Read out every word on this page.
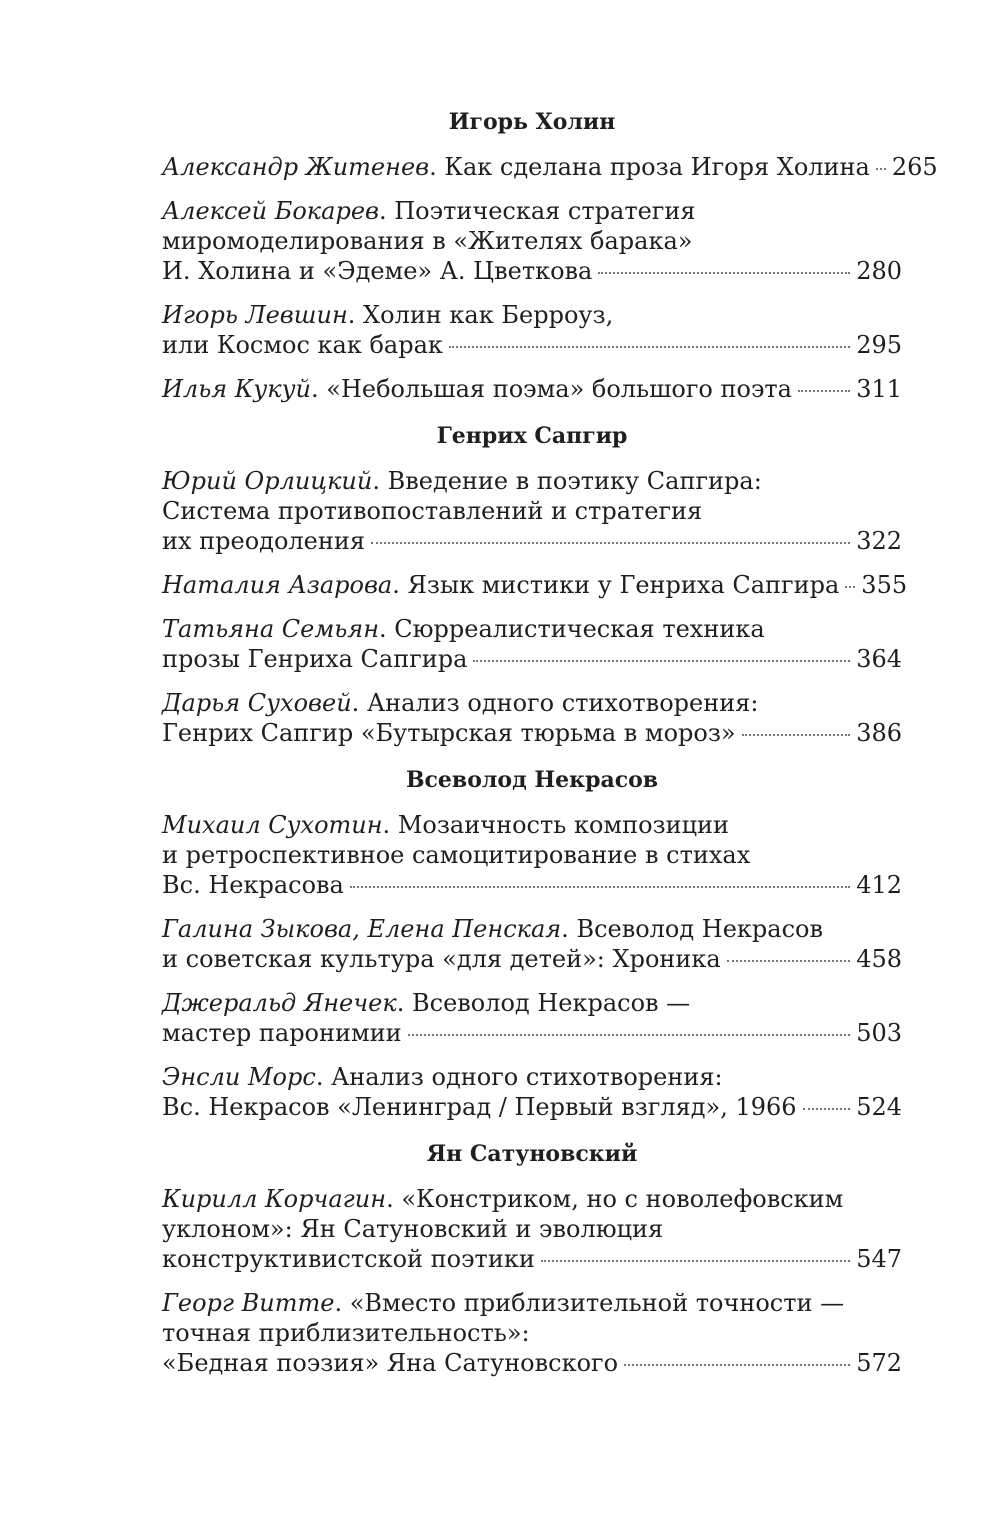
Игорь Холин
Александр Житенев. Как сделана проза Игоря Холина 265
Алексей Бокарев. Поэтическая стратегия
миромоделирования в «Жителях барака»
И. Холина и «Эдеме» А. Цветкова	280
Игорь Левшин. Холин как Берроуз,
или Космос как барак	295
Илья Кукуй. «Небольшая поэма» большого поэта	311
Генрих Сапгир
Юрий Орлицкий. Введение в поэтику Сапгира:
Система противопоставлений и стратегия
их преодоления	322
Наталия Азарова. Язык мистики у Генриха Сапгира 355
Татьяна Семьян. Сюрреалистическая техника
прозы Генриха Сапгира	364
Дарья Суховей. Анализ одного стихотворения:
Генрих Сапгир «Бутырская тюрьма в мороз»	386
Всеволод Некрасов
Михаил Сухотин. Мозаичность композиции
и ретроспективное самоцитирование в стихах
Вс. Некрасова	412
Галина Зыкова, Елена Пенская. Всеволод Некрасов
и советская культура «для детей»: Хроника	458
Джеральд Янечек. Всеволод Некрасов —
мастер паронимии	503
Энсли Морс. Анализ одного стихотворения:
Вс. Некрасов «Ленинград / Первый взгляд», 1966 524
Ян Сатуновский
Кирилл Корчагин. «Констриком, но с новолефовским
уклоном»: Ян Сатуновский и эволюция
конструктивистской поэтики	547
Георг Витте. «Вместо приблизительной точности —
точная приблизительность»:
«Бедная поэзия» Яна Сатуновского	572
